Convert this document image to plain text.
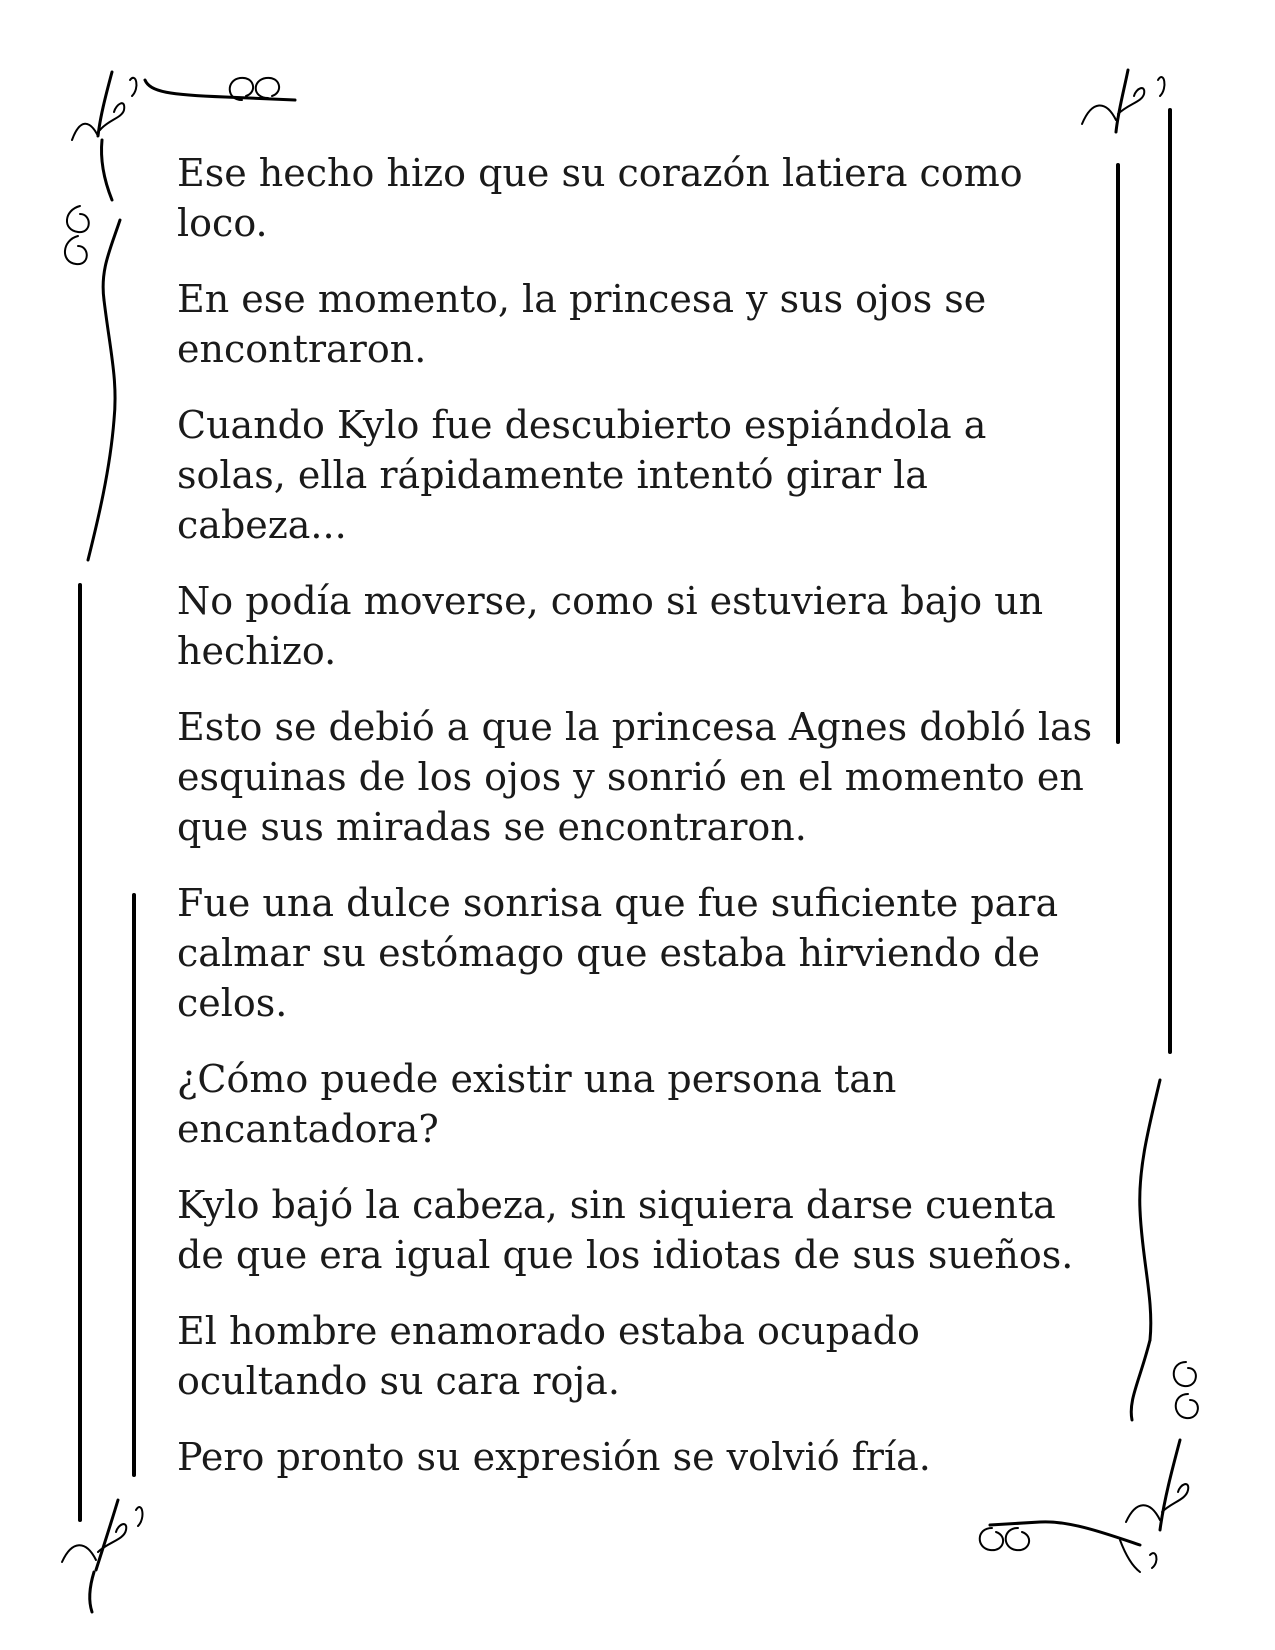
Ese hecho hizo que su corazón latiera como loco.

En ese momento, la princesa y sus ojos se encontraron.

Cuando Kylo fue descubierto espiándola a solas, ella rápidamente intentó girar la cabeza...

No podía moverse, como si estuviera bajo un hechizo.

Esto se debió a que la princesa Agnes dobló las esquinas de los ojos y sonrió en el momento en que sus miradas se encontraron.

Fue una dulce sonrisa que fue suficiente para calmar su estómago que estaba hirviendo de celos.

¿Cómo puede existir una persona tan encantadora?

Kylo bajó la cabeza, sin siquiera darse cuenta de que era igual que los idiotas de sus sueños.

El hombre enamorado estaba ocupado ocultando su cara roja.

Pero pronto su expresión se volvió fría.
